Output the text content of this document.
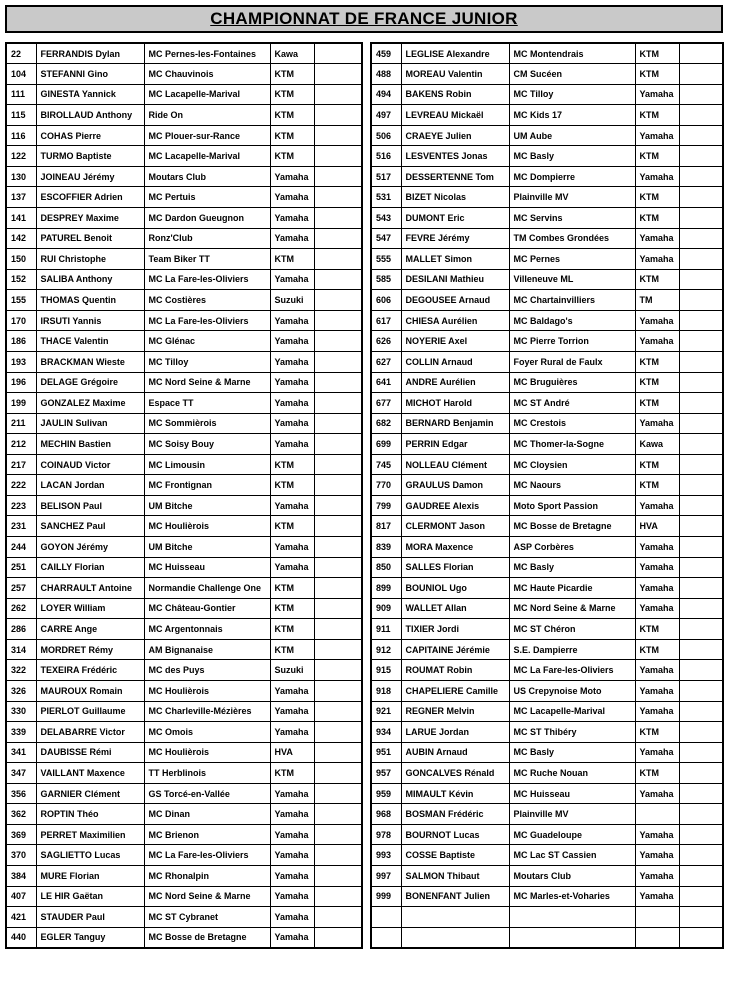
CHAMPIONNAT DE FRANCE JUNIOR
22	FERRANDIS Dylan	MC Pernes-les-Fontaines	Kawa	
104	STEFANNI Gino	MC Chauvinois	KTM	
111	GINESTA Yannick	MC Lacapelle-Marival	KTM	
115	BIROLLAUD Anthony	Ride On	KTM	
116	COHAS Pierre	MC Plouer-sur-Rance	KTM	
122	TURMO Baptiste	MC Lacapelle-Marival	KTM	
130	JOINEAU Jérémy	Moutars Club	Yamaha	
137	ESCOFFIER Adrien	MC Pertuis	Yamaha	
141	DESPREY Maxime	MC Dardon Gueugnon	Yamaha	
142	PATUREL Benoit	Ronz'Club	Yamaha	
150	RUI Christophe	Team Biker TT	KTM	
152	SALIBA Anthony	MC La Fare-les-Oliviers	Yamaha	
155	THOMAS Quentin	MC Costières	Suzuki	
170	IRSUTI Yannis	MC La Fare-les-Oliviers	Yamaha	
186	THACE Valentin	MC Glénac	Yamaha	
193	BRACKMAN Wieste	MC Tilloy	Yamaha	
196	DELAGE Grégoire	MC Nord Seine & Marne	Yamaha	
199	GONZALEZ Maxime	Espace TT	Yamaha	
211	JAULIN Sulivan	MC Sommièrois	Yamaha	
212	MECHIN Bastien	MC Soisy Bouy	Yamaha	
217	COINAUD Victor	MC Limousin	KTM	
222	LACAN Jordan	MC Frontignan	KTM	
223	BELISON Paul	UM Bitche	Yamaha	
231	SANCHEZ Paul	MC Houlièrois	KTM	
244	GOYON Jérémy	UM Bitche	Yamaha	
251	CAILLY Florian	MC Huisseau	Yamaha	
257	CHARRAULT Antoine	Normandie Challenge One	KTM	
262	LOYER William	MC Château-Gontier	KTM	
286	CARRE Ange	MC Argentonnais	KTM	
314	MORDRET Rémy	AM Bignanaise	KTM	
322	TEXEIRA Frédéric	MC des Puys	Suzuki	
326	MAUROUX Romain	MC Houlièrois	Yamaha	
330	PIERLOT Guillaume	MC Charleville-Mézières	Yamaha	
339	DELABARRE Victor	MC Omois	Yamaha	
341	DAUBISSE Rémi	MC Houlièrois	HVA	
347	VAILLANT Maxence	TT Herblinois	KTM	
356	GARNIER Clément	GS Torcé-en-Vallée	Yamaha	
362	ROPTIN Théo	MC Dinan	Yamaha	
369	PERRET Maximilien	MC Brienon	Yamaha	
370	SAGLIETTO Lucas	MC La Fare-les-Oliviers	Yamaha	
384	MURE Florian	MC Rhonalpin	Yamaha	
407	LE HIR Gaëtan	MC Nord Seine & Marne	Yamaha	
421	STAUDER Paul	MC ST Cybranet	Yamaha	
440	EGLER Tanguy	MC Bosse de Bretagne	Yamaha	
459	LEGLISE Alexandre	MC Montendrais	KTM	
488	MOREAU Valentin	CM Sucéen	KTM	
494	BAKENS Robin	MC Tilloy	Yamaha	
497	LEVREAU Mickaël	MC Kids 17	KTM	
506	CRAEYE Julien	UM Aube	Yamaha	
516	LESVENTES Jonas	MC Basly	KTM	
517	DESSERTENNE Tom	MC Dompierre	Yamaha	
531	BIZET Nicolas	Plainville MV	KTM	
543	DUMONT Eric	MC Servins	KTM	
547	FEVRE Jérémy	TM Combes Grondées	Yamaha	
555	MALLET Simon	MC Pernes	Yamaha	
585	DESILANI Mathieu	Villeneuve ML	KTM	
606	DEGOUSEE Arnaud	MC Chartainvilliers	TM	
617	CHIESA Aurélien	MC Baldago's	Yamaha	
626	NOYERIE Axel	MC Pierre Torrion	Yamaha	
627	COLLIN Arnaud	Foyer Rural de Faulx	KTM	
641	ANDRE Aurélien	MC Bruguières	KTM	
677	MICHOT Harold	MC ST André	KTM	
682	BERNARD Benjamin	MC Crestois	Yamaha	
699	PERRIN Edgar	MC Thomer-la-Sogne	Kawa	
745	NOLLEAU Clément	MC Cloysien	KTM	
770	GRAULUS Damon	MC Naours	KTM	
799	GAUDREE Alexis	Moto Sport Passion	Yamaha	
817	CLERMONT Jason	MC Bosse de Bretagne	HVA	
839	MORA Maxence	ASP Corbères	Yamaha	
850	SALLES Florian	MC Basly	Yamaha	
899	BOUNIOL Ugo	MC Haute Picardie	Yamaha	
909	WALLET Allan	MC Nord Seine & Marne	Yamaha	
911	TIXIER Jordi	MC ST Chéron	KTM	
912	CAPITAINE Jérémie	S.E. Dampierre	KTM	
915	ROUMAT Robin	MC La Fare-les-Oliviers	Yamaha	
918	CHAPELIERE Camille	US Crepynoise Moto	Yamaha	
921	REGNER Melvin	MC Lacapelle-Marival	Yamaha	
934	LARUE Jordan	MC ST Thibéry	KTM	
951	AUBIN Arnaud	MC Basly	Yamaha	
957	GONCALVES Rénald	MC Ruche Nouan	KTM	
959	MIMAULT Kévin	MC Huisseau	Yamaha	
968	BOSMAN Frédéric	Plainville MV		
978	BOURNOT Lucas	MC Guadeloupe	Yamaha	
993	COSSE Baptiste	MC Lac ST Cassien	Yamaha	
997	SALMON Thibaut	Moutars Club	Yamaha	
999	BONENFANT Julien	MC Marles-et-Voharies	Yamaha	
